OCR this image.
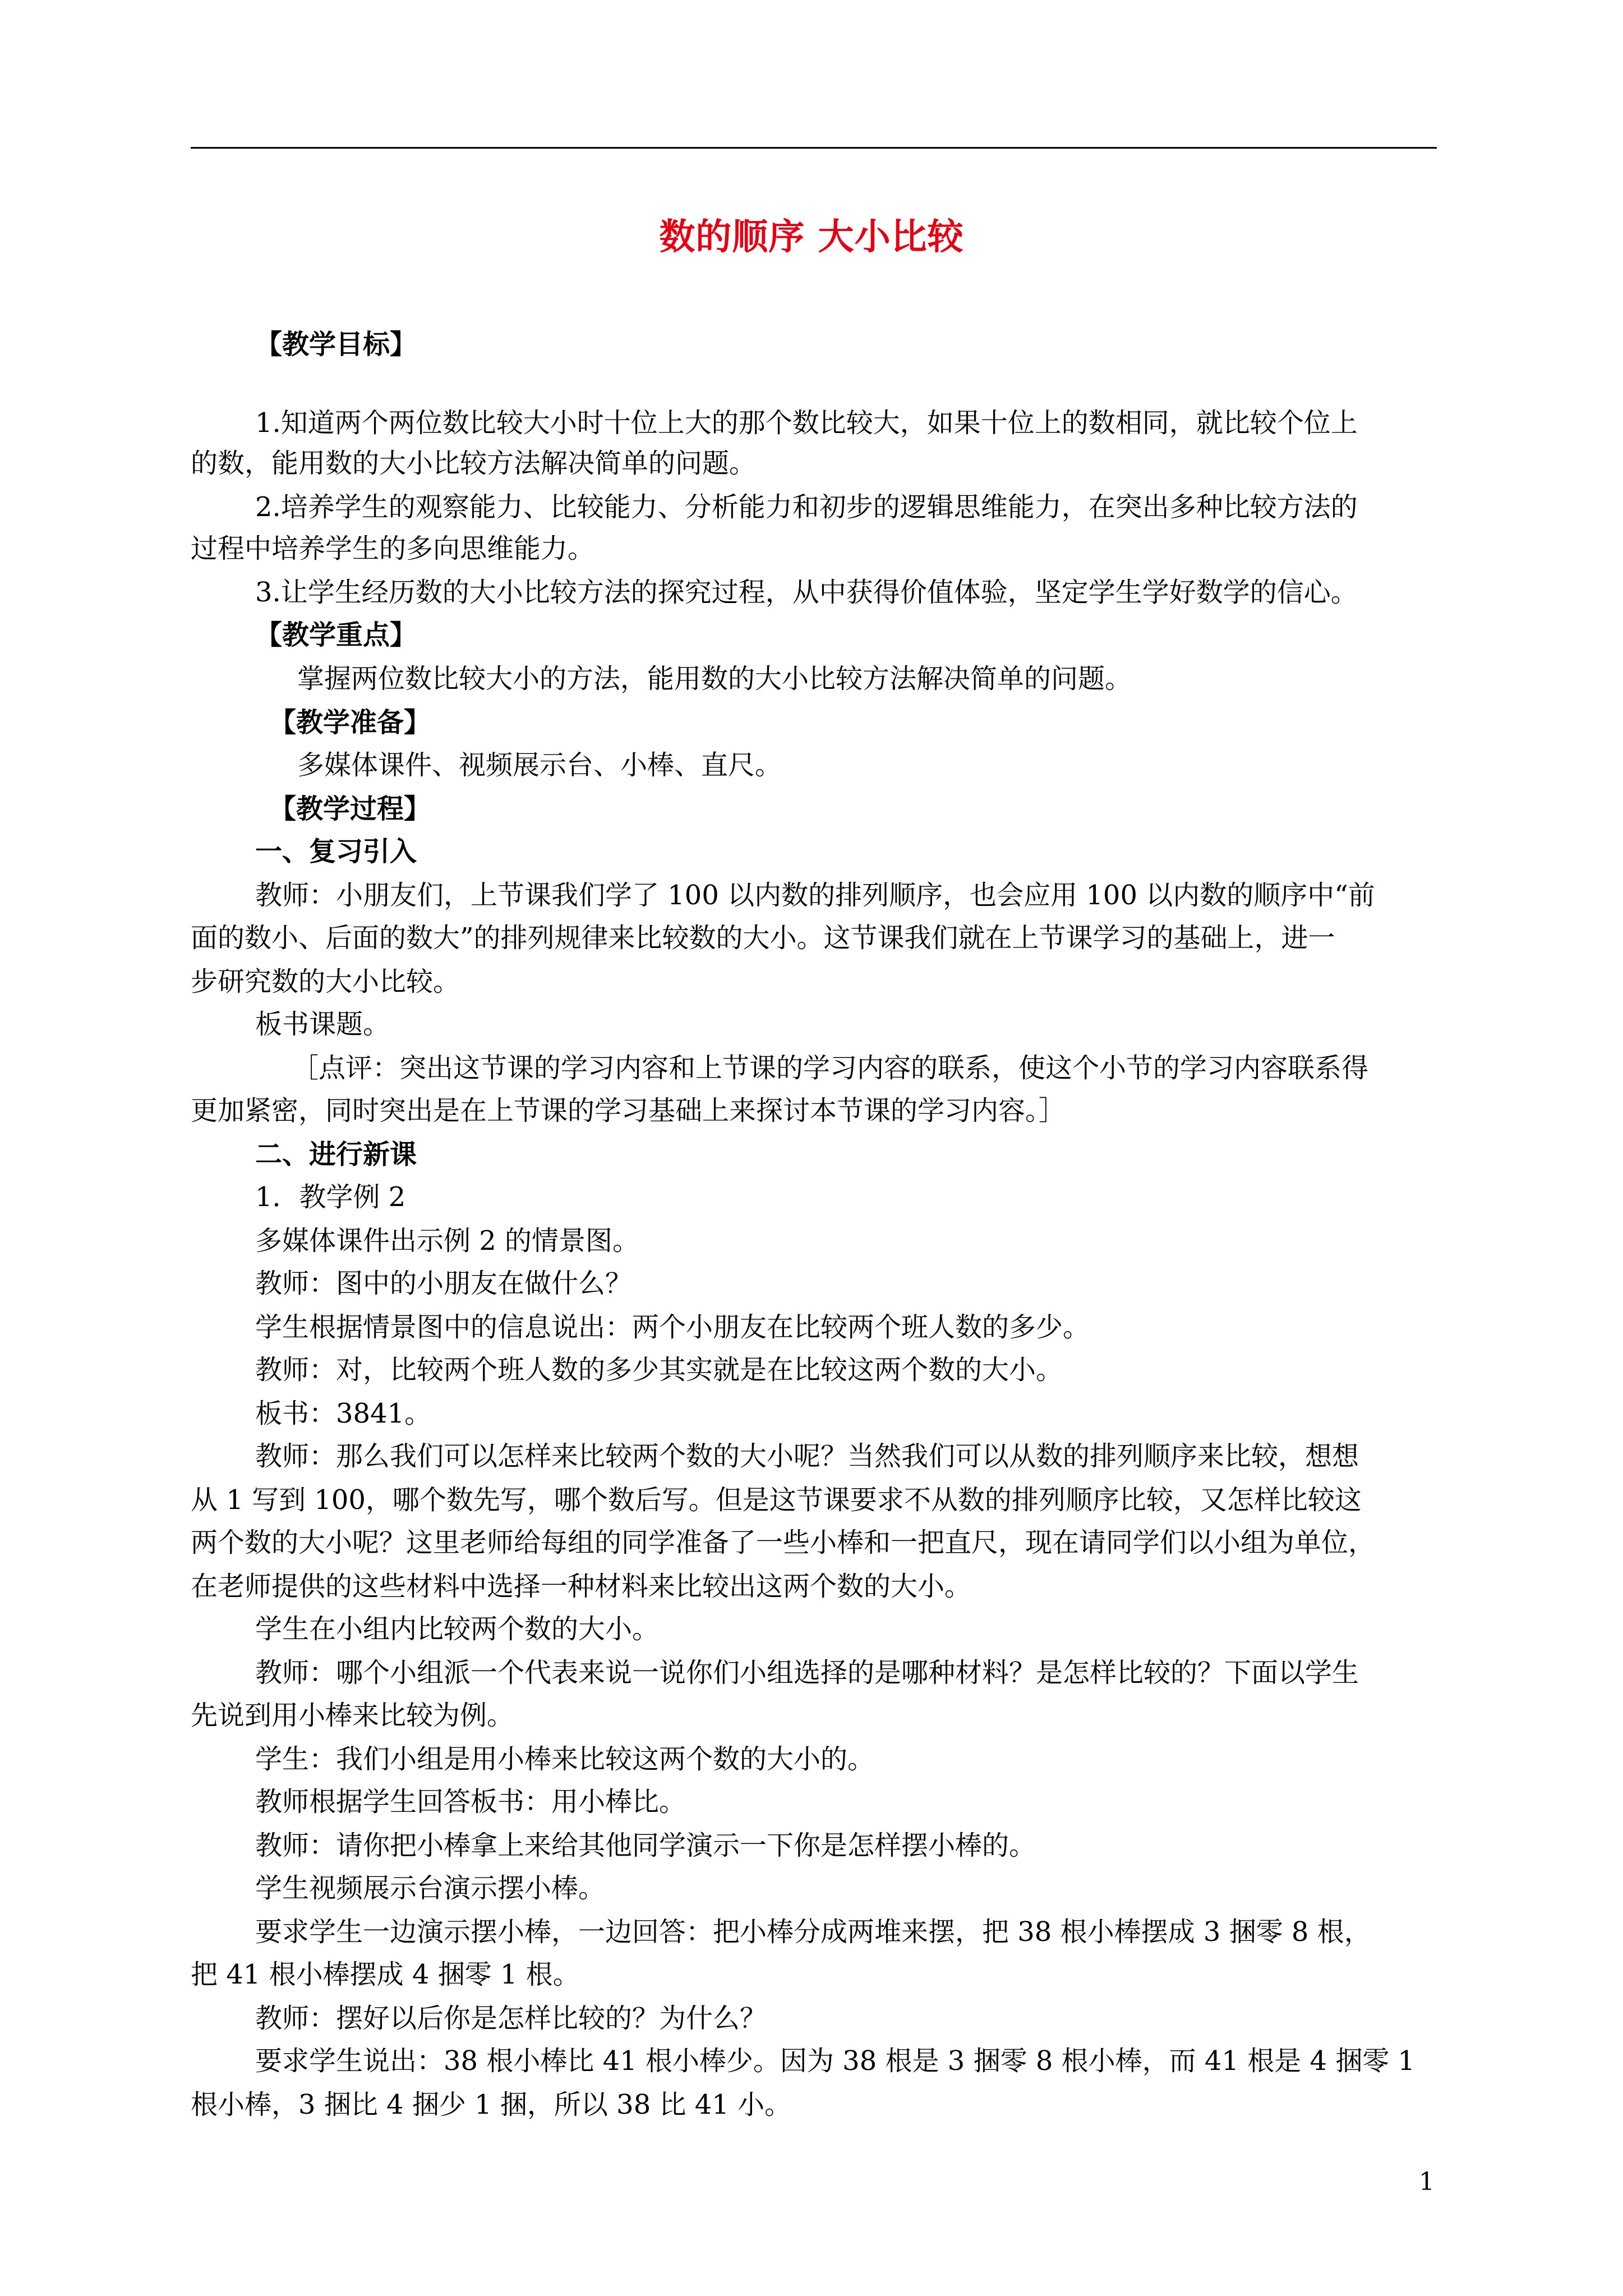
数的顺序 大小比较
【教学目标】
1.知道两个两位数比较大小时十位上大的那个数比较大，如果十位上的数相同，就比较个位上
的数，能用数的大小比较方法解决简单的问题。
2.培养学生的观察能力、比较能力、分析能力和初步的逻辑思维能力，在突出多种比较方法的
过程中培养学生的多向思维能力。
3.让学生经历数的大小比较方法的探究过程，从中获得价值体验，坚定学生学好数学的信心。
【教学重点】
掌握两位数比较大小的方法，能用数的大小比较方法解决简单的问题。
【教学准备】
多媒体课件、视频展示台、小棒、直尺。
【教学过程】
一、复习引入
教师：小朋友们，上节课我们学了 100 以内数的排列顺序，也会应用 100 以内数的顺序中“前
面的数小、后面的数大”的排列规律来比较数的大小。这节课我们就在上节课学习的基础上，进一
步研究数的大小比较。
板书课题。
［点评：突出这节课的学习内容和上节课的学习内容的联系，使这个小节的学习内容联系得
更加紧密，同时突出是在上节课的学习基础上来探讨本节课的学习内容。］
二、进行新课
1．教学例 2
多媒体课件出示例 2 的情景图。
教师：图中的小朋友在做什么？
学生根据情景图中的信息说出：两个小朋友在比较两个班人数的多少。
教师：对，比较两个班人数的多少其实就是在比较这两个数的大小。
板书：3841。
教师：那么我们可以怎样来比较两个数的大小呢？当然我们可以从数的排列顺序来比较，想想
从 1 写到 100，哪个数先写，哪个数后写。但是这节课要求不从数的排列顺序比较，又怎样比较这
两个数的大小呢？这里老师给每组的同学准备了一些小棒和一把直尺，现在请同学们以小组为单位，
在老师提供的这些材料中选择一种材料来比较出这两个数的大小。
学生在小组内比较两个数的大小。
教师：哪个小组派一个代表来说一说你们小组选择的是哪种材料？是怎样比较的？下面以学生
先说到用小棒来比较为例。
学生：我们小组是用小棒来比较这两个数的大小的。
教师根据学生回答板书：用小棒比。
教师：请你把小棒拿上来给其他同学演示一下你是怎样摆小棒的。
学生视频展示台演示摆小棒。
要求学生一边演示摆小棒，一边回答：把小棒分成两堆来摆，把 38 根小棒摆成 3 捆零 8 根，
把 41 根小棒摆成 4 捆零 1 根。
教师：摆好以后你是怎样比较的？为什么？
要求学生说出：38 根小棒比 41 根小棒少。因为 38 根是 3 捆零 8 根小棒，而 41 根是 4 捆零 1
根小棒，3 捆比 4 捆少 1 捆，所以 38 比 41 小。
1
